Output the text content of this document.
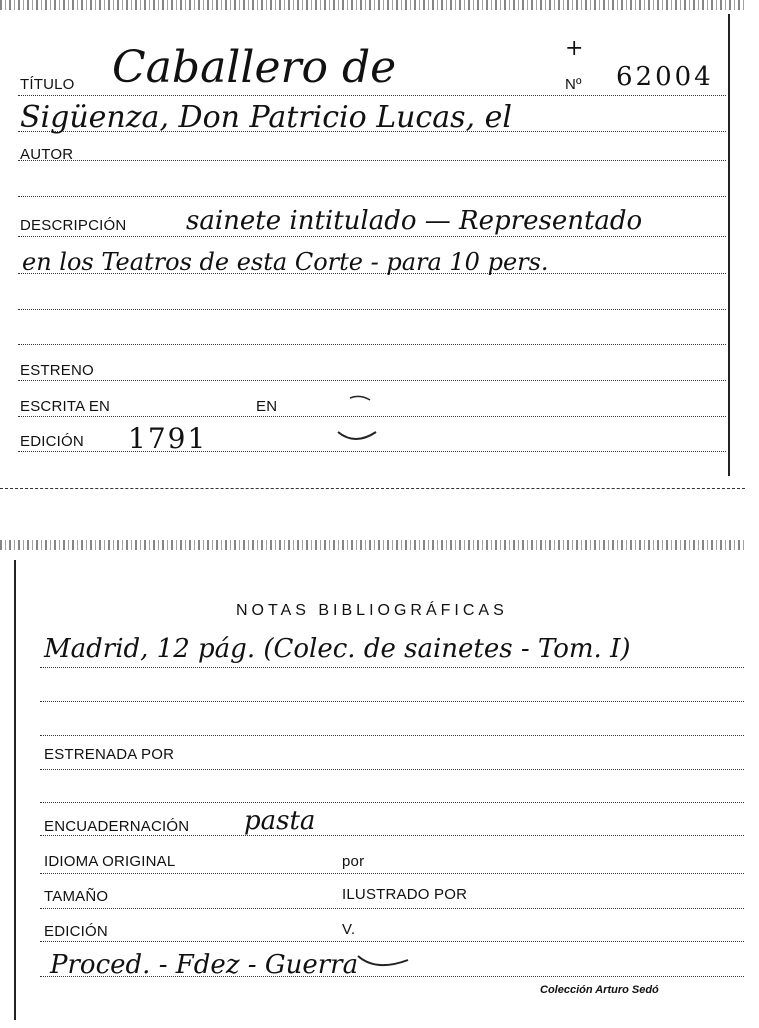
+
TÍTULO Caballero de	Nº 62004
Sigüenza, Don Patricio Lucas, el
AUTOR
DESCRIPCIÓN sainete intitulado — Representado
en los Teatros de esta Corte - para 10 pers.
ESTRENO
ESCRITA EN	EN
EDICIÓN 1791
NOTAS BIBLIOGRÁFICAS
Madrid, 12 pág. (Colec. de sainetes - Tom. I)
ESTRENADA POR
ENCUADERNACIÓN pasta
IDIOMA ORIGINAL	por
TAMAÑO	ILUSTRADO POR
EDICIÓN	V.
Proced. - Fdez - Guerra
Colección Arturo Sedó
